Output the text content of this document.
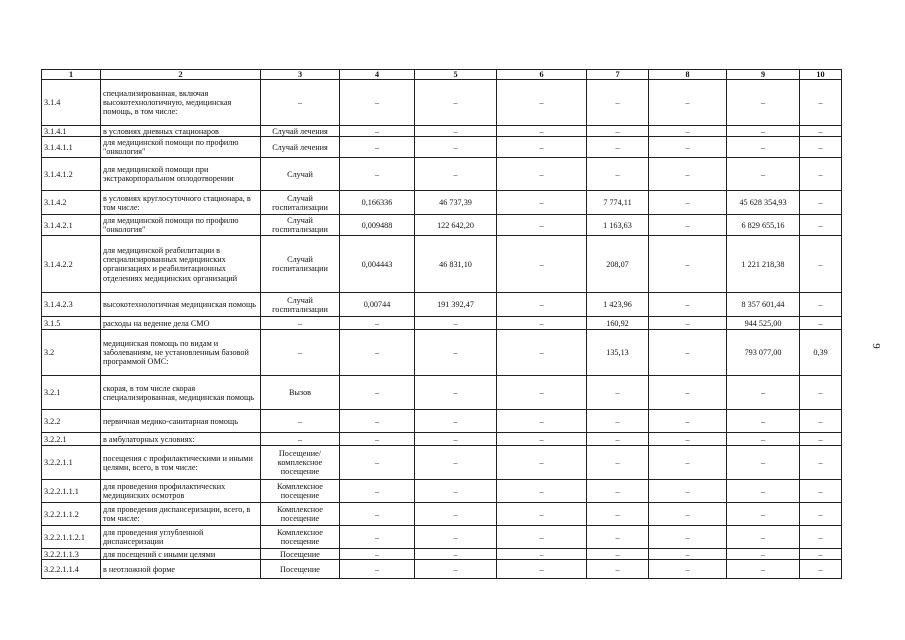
1	2	3	4	5	6	7	8	9	10
3.1.4	специализированная, включая высокотехнологичную, медицинская помощь, в том числе:	–	–	–	–	–	–	–	–
3.1.4.1	в условиях дневных стационаров	Случай лечения	–	–	–	–	–	–	–
3.1.4.1.1	для медицинской помощи по профилю "онкология"	Случай лечения	–	–	–	–	–	–	–
3.1.4.1.2	для медицинской помощи при экстракорпоральном оплодотворении	Случай	–	–	–	–	–	–	–
3.1.4.2	в условиях круглосуточного стационара, в том числе:	Случай госпитализации	0,166336	46 737,39	–	7 774,11	–	45 628 354,93	–
3.1.4.2.1	для медицинской помощи по профилю "онкология"	Случай госпитализации	0,009488	122 642,20	–	1 163,63	–	6 829 655,16	–
3.1.4.2.2	для медицинской реабилитации в специализированных медицинских организациях и реабилитационных отделениях медицинских организаций	Случай госпитализации	0,004443	46 831,10	–	208,07	–	1 221 218,38	–
3.1.4.2.3	высокотехнологичная медицинская помощь	Случай госпитализации	0,00744	191 392,47	–	1 423,96	–	8 357 601,44	–
3.1.5	расходы на ведение дела СМО	–	–	–	–	160,92	–	944 525,00	–
3.2	медицинская помощь по видам и заболеваниям, не установленным базовой программой ОМС:	–	–	–	–	135,13	–	793 077,00	0,39
3.2.1	скорая, в том числе скорая специализированная, медицинская помощь	Вызов	–	–	–	–	–	–	–
3.2.2	первичная медико-санитарная помощь	–	–	–	–	–	–	–	–
3.2.2.1	в амбулаторных условиях:	–	–	–	–	–	–	–	–
3.2.2.1.1	посещения с профилактическими и иными целями, всего, в том числе:	Посещение/ комплексное посещение	–	–	–	–	–	–	–
3.2.2.1.1.1	для проведения профилактических медицинских осмотров	Комплексное посещение	–	–	–	–	–	–	–
3.2.2.1.1.2	для проведения диспансеризации, всего, в том числе:	Комплексное посещение	–	–	–	–	–	–	–
3.2.2.1.1.2.1	для проведения углубленной диспансеризации	Комплексное посещение	–	–	–	–	–	–	–
3.2.2.1.1.3	для посещений с иными целями	Посещение	–	–	–	–	–	–	–
3.2.2.1.1.4	в неотложной форме	Посещение	–	–	–	–	–	–	–
9
